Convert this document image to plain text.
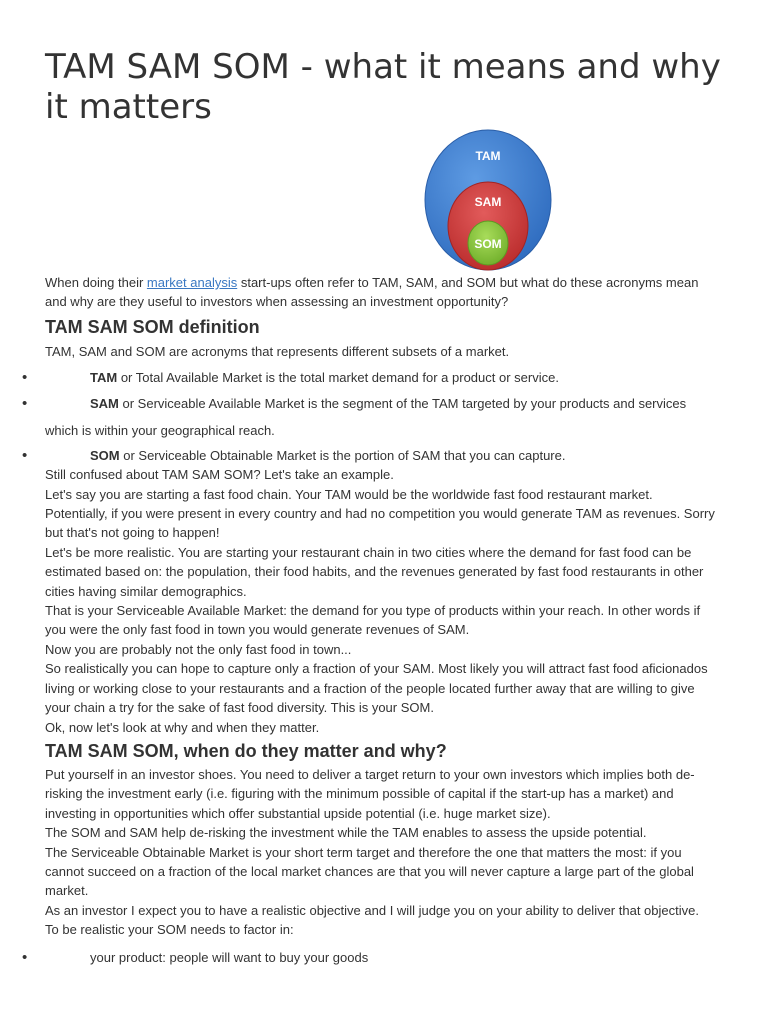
TAM SAM SOM - what it means and why it matters
TAM
SAM
SOM

When doing their market analysis start-ups often refer to TAM, SAM, and SOM but what do these acronyms mean and why are they useful to investors when assessing an investment opportunity?

TAM SAM SOM definition

TAM, SAM and SOM are acronyms that represents different subsets of a market.

•	TAM or Total Available Market is the total market demand for a product or service.
•	SAM or Serviceable Available Market is the segment of the TAM targeted by your products and services
which is within your geographical reach.
•	SOM or Serviceable Obtainable Market is the portion of SAM that you can capture.

Still confused about TAM SAM SOM? Let's take an example.

Let's say you are starting a fast food chain. Your TAM would be the worldwide fast food restaurant market. Potentially, if you were present in every country and had no competition you would generate TAM as revenues. Sorry but that's not going to happen!

Let's be more realistic. You are starting your restaurant chain in two cities where the demand for fast food can be estimated based on: the population, their food habits, and the revenues generated by fast food restaurants in other cities having similar demographics.

That is your Serviceable Available Market: the demand for you type of products within your reach. In other words if you were the only fast food in town you would generate revenues of SAM.

Now you are probably not the only fast food in town...

So realistically you can hope to capture only a fraction of your SAM. Most likely you will attract fast food aficionados living or working close to your restaurants and a fraction of the people located further away that are willing to give your chain a try for the sake of fast food diversity. This is your SOM.

Ok, now let's look at why and when they matter.

TAM SAM SOM, when do they matter and why?

Put yourself in an investor shoes. You need to deliver a target return to your own investors which implies both de-risking the investment early (i.e. figuring with the minimum possible of capital if the start-up has a market) and investing in opportunities which offer substantial upside potential (i.e. huge market size).

The SOM and SAM help de-risking the investment while the TAM enables to assess the upside potential.

The Serviceable Obtainable Market is your short term target and therefore the one that matters the most: if you cannot succeed on a fraction of the local market chances are that you will never capture a large part of the global market.

As an investor I expect you to have a realistic objective and I will judge you on your ability to deliver that objective. To be realistic your SOM needs to factor in:

•	your product: people will want to buy your goods
